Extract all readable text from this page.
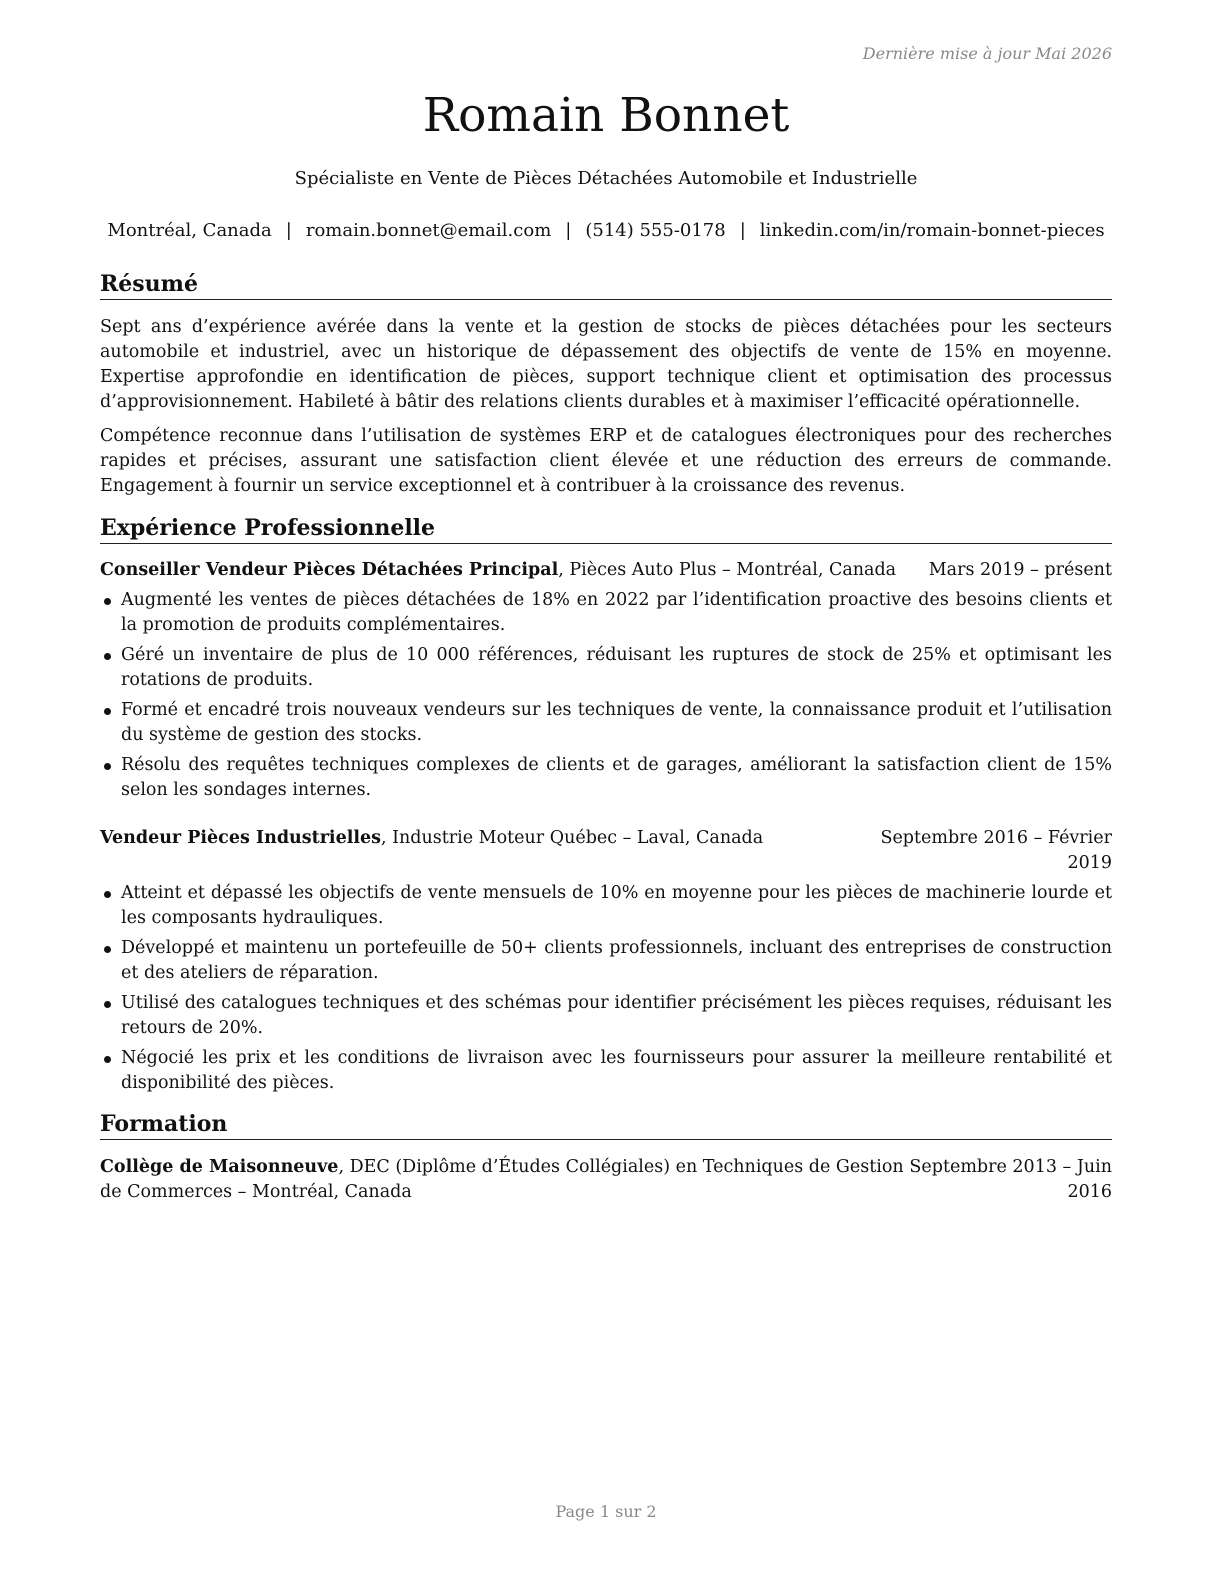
Dernière mise à jour Mai 2026
Romain Bonnet
Spécialiste en Vente de Pièces Détachées Automobile et Industrielle
Montréal, Canada | romain.bonnet@email.com | (514) 555-0178 | linkedin.com/in/romain-bonnet-pieces
Résumé

Sept ans d’expérience avérée dans la vente et la gestion de stocks de pièces détachées pour les secteurs automobile et industriel, avec un historique de dépassement des objectifs de vente de 15% en moyenne. Expertise approfondie en identification de pièces, support technique client et optimisation des processus d’approvisionnement. Habileté à bâtir des relations clients durables et à maximiser l’efficacité opérationnelle.

Compétence reconnue dans l’utilisation de systèmes ERP et de catalogues électroniques pour des recherches rapides et précises, assurant une satisfaction client élevée et une réduction des erreurs de commande. Engagement à fournir un service exceptionnel et à contribuer à la croissance des revenus.

Expérience Professionnelle
Conseiller Vendeur Pièces Détachées Principal, Pièces Auto Plus – Montréal, Canada Mars 2019 – présent
Augmenté les ventes de pièces détachées de 18% en 2022 par l’identification proactive des besoins clients et la promotion de produits complémentaires.
Géré un inventaire de plus de 10 000 références, réduisant les ruptures de stock de 25% et optimisant les rotations de produits.
Formé et encadré trois nouveaux vendeurs sur les techniques de vente, la connaissance produit et l’utilisation du système de gestion des stocks.
Résolu des requêtes techniques complexes de clients et de garages, améliorant la satisfaction client de 15% selon les sondages internes.
Vendeur Pièces Industrielles, Industrie Moteur Québec – Laval, Canada	Septembre 2016 – Février
2019
Atteint et dépassé les objectifs de vente mensuels de 10% en moyenne pour les pièces de machinerie lourde et les composants hydrauliques.
Développé et maintenu un portefeuille de 50+ clients professionnels, incluant des entreprises de construction et des ateliers de réparation.
Utilisé des catalogues techniques et des schémas pour identifier précisément les pièces requises, réduisant les retours de 20%.
Négocié les prix et les conditions de livraison avec les fournisseurs pour assurer la meilleure rentabilité et disponibilité des pièces.
Formation
Collège de Maisonneuve, DEC (Diplôme d’Études Collégiales) en Techniques de Gestion
de Commerces – Montréal, Canada
Septembre 2013 – Juin
2016
Page 1 sur 2
